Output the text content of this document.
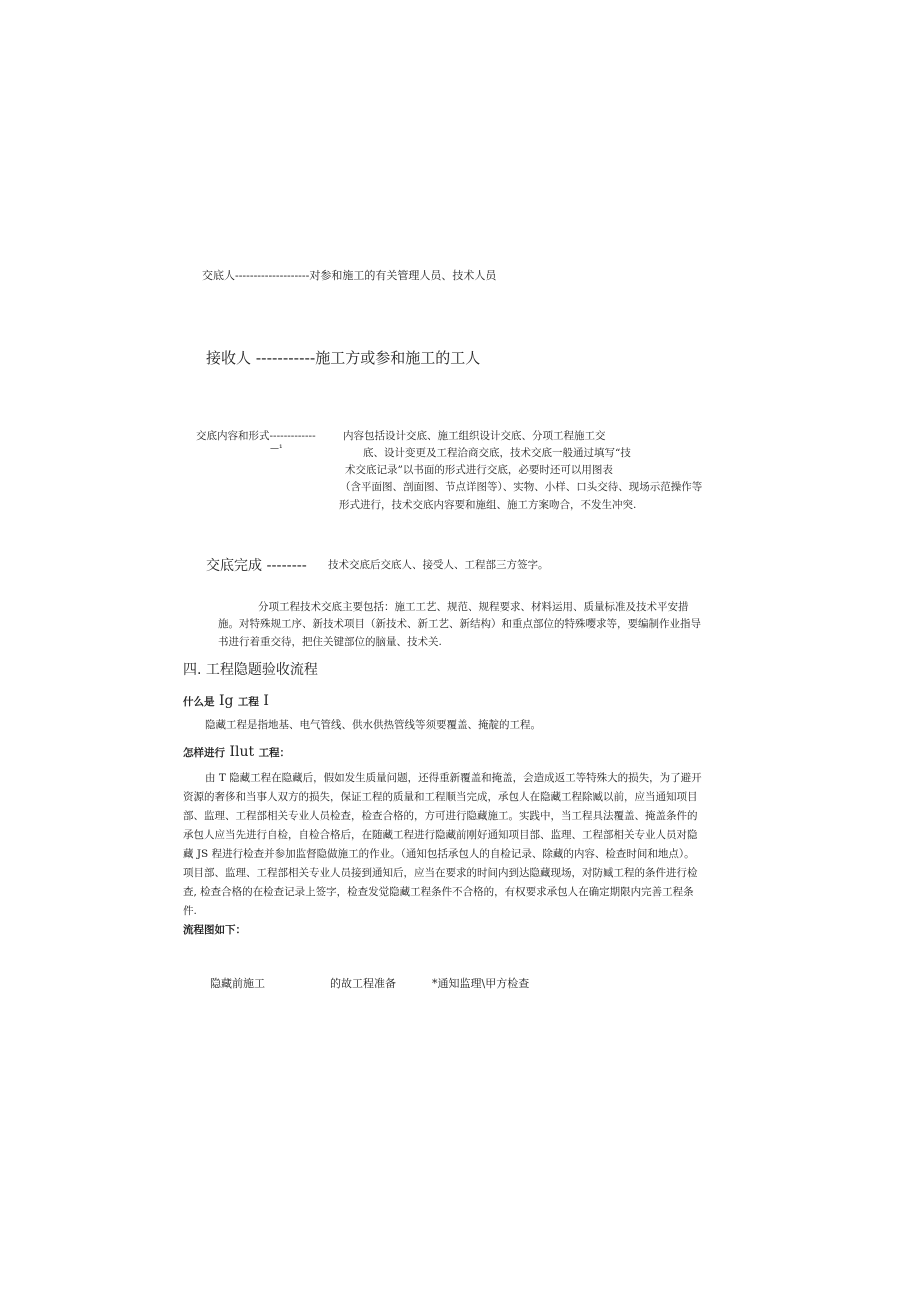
交底人--------------------对参和施工的有关管理人员、技术人员
接收人 -----------施工方或参和施工的工人
交底内容和形式-------------	内容包括设计交底、施工组织设计交底、分项工程施工交
—¹	底、设计变更及工程洽商交底，技术交底一般通过填写“技
术交底记录”以书面的形式进行交底，必要时还可以用图表
（含平面图、剖面图、节点详图等）、实物、小样、口头交待、现场示范操作等
形式进行，技术交底内容要和施组、施工方案吻合，不发生冲突.
交底完成 -------- 技术交底后交底人、接受人、工程部三方签字。
分项工程技术交底主要包括：施工工艺、规范、规程要求、材料运用、质量标准及技术平安措
施。对特殊规工序、新技术项目（新技术、新工艺、新结构）和重点部位的特殊嘤求等，要编制作业指导
书进行着重交待，把住关键部位的脑量、技术关.
四. 工程隐题验收流程
什么是 Ig 工程 I
隐藏工程是指地基、电气管线、供水供热管线等须要覆盖、掩靛的工程。
怎样进行 Ilut 工程：
由 T 隐藏工程在隐藏后，假如发生质量问题，还得重新覆盖和掩盖，会造成返工等特殊大的损失，为了避开
资源的奢侈和当事人双方的损失，保证工程的质量和工程顺当完成，承包人在隐藏工程除臧以前，应当通知项目
部、监理、工程部相关专业人员检查，检查合格的，方可进行隐藏施工。实践中，当工程具法覆盖、掩盖条件的
承包人应当先进行自检，自检合格后，在随藏工程进行隐藏前刚好通知项目部、监理、工程部相关专业人员对隐
藏 JS 程进行检查并参加监督隐做施工的作业。（通知包括承包人的自检记录、除藏的内容、检查时间和地点）。
项目部、监理、工程部相关专业人员接到通知后，应当在要求的时间内到达隐藏现场，对防臧工程的条件进行检
查, 检查合格的在检查记录上签字，检查发觉隐藏工程条件不合格的，有权要求承包人在确定期限内完善工程条
件.
流程图如下：
隐藏前施工	的故工程准备	*通知监理\甲方检查
